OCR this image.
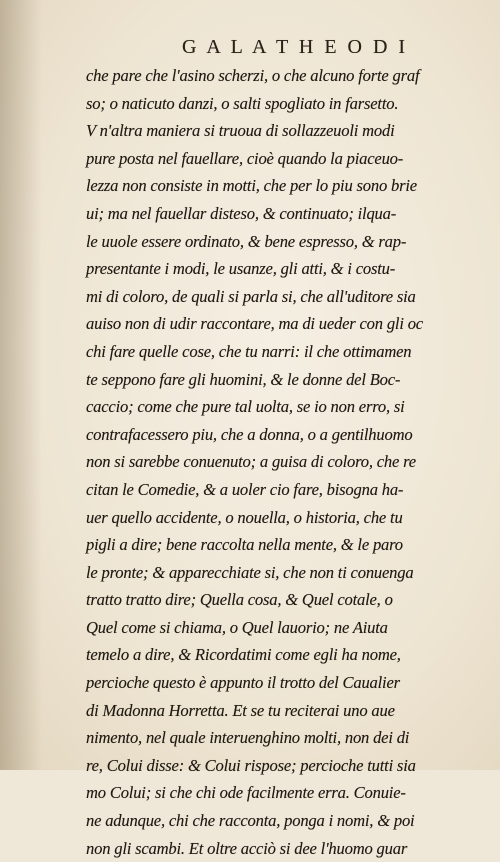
G A L A T H E O D I
che pare che l'asino scherzi, o che alcuno forte graf
so; o naticuto danzi, o salti spogliato in farsetto.
V n'altra maniera si truoua di sollazzeuoli modi
pure posta nel fauellare, cioè quando la piaceuo-
lezza non consiste in motti, che per lo piu sono brie
ui; ma nel fauellar disteso, & continuato; ilqua-
le uuole essere ordinato, & bene espresso, & rap-
presentante i modi, le usanze, gli atti, & i costu-
mi di coloro, de quali si parla si, che all'uditore sia
auiso non di udir raccontare, ma di ueder con gli oc
chi fare quelle cose, che tu narri: il che ottimamen
te seppono fare gli huomini, & le donne del Boc-
caccio; come che pure tal uolta, se io non erro, si
contrafacessero piu, che a donna, o a gentilhuomo
non si sarebbe conuenuto; a guisa di coloro, che re
citan le Comedie, & a uoler cio fare, bisogna ha-
uer quello accidente, o nouella, o historia, che tu
pigli a dire; bene raccolta nella mente, & le paro
le pronte; & apparecchiate si, che non ti conuenga
tratto tratto dire; Quella cosa, & Quel cotale, o
Quel come si chiama, o Quel lauorio; ne Aiuta
temelo a dire, & Ricordatimi come egli ha nome,
percioche questo è appunto il trotto del Caualier
di Madonna Horretta. Et se tu reciterai uno aue
nimento, nel quale interuenghino molti, non dei di
re, Colui disse: & Colui rispose; percioche tutti sia
mo Colui; si che chi ode facilmente erra. Conuie-
ne adunque, chi che racconta, ponga i nomi, & poi
non gli scambi. Et oltre acciò si dee l'huomo guar
